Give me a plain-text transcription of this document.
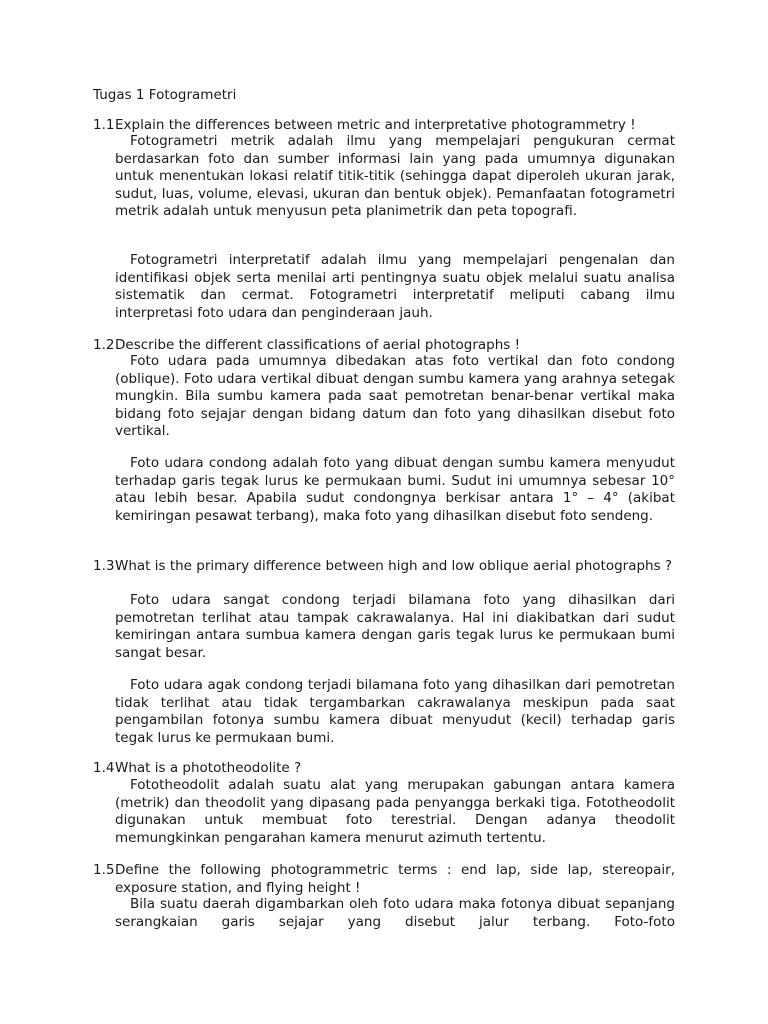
Tugas 1 Fotogrametri
1.1 Explain the differences between metric and interpretative photogrammetry !

Fotogrametri metrik adalah ilmu yang mempelajari pengukuran cermat berdasarkan foto dan sumber informasi lain yang pada umumnya digunakan untuk menentukan lokasi relatif titik-titik (sehingga dapat diperoleh ukuran jarak, sudut, luas, volume, elevasi, ukuran dan bentuk objek). Pemanfaatan fotogrametri metrik adalah untuk menyusun peta planimetrik dan peta topografi.

Fotogrametri interpretatif adalah ilmu yang mempelajari pengenalan dan identifikasi objek serta menilai arti pentingnya suatu objek melalui suatu analisa sistematik dan cermat. Fotogrametri interpretatif meliputi cabang ilmu interpretasi foto udara dan penginderaan jauh.

1.2 Describe the different classifications of aerial photographs !

Foto udara pada umumnya dibedakan atas foto vertikal dan foto condong (oblique). Foto udara vertikal dibuat dengan sumbu kamera yang arahnya setegak mungkin. Bila sumbu kamera pada saat pemotretan benar-benar vertikal maka bidang foto sejajar dengan bidang datum dan foto yang dihasilkan disebut foto vertikal.

Foto udara condong adalah foto yang dibuat dengan sumbu kamera menyudut terhadap garis tegak lurus ke permukaan bumi. Sudut ini umumnya sebesar 10° atau lebih besar. Apabila sudut condongnya berkisar antara 1° – 4° (akibat kemiringan pesawat terbang), maka foto yang dihasilkan disebut foto sendeng.

1.3 What is the primary difference between high and low oblique aerial photographs ?

Foto udara sangat condong terjadi bilamana foto yang dihasilkan dari pemotretan terlihat atau tampak cakrawalanya. Hal ini diakibatkan dari sudut kemiringan antara sumbua kamera dengan garis tegak lurus ke permukaan bumi sangat besar.

Foto udara agak condong terjadi bilamana foto yang dihasilkan dari pemotretan tidak terlihat atau tidak tergambarkan cakrawalanya meskipun pada saat pengambilan fotonya sumbu kamera dibuat menyudut (kecil) terhadap garis tegak lurus ke permukaan bumi.

1.4 What is a phototheodolite ?

Fototheodolit adalah suatu alat yang merupakan gabungan antara kamera (metrik) dan theodolit yang dipasang pada penyangga berkaki tiga. Fototheodolit digunakan untuk membuat foto terestrial. Dengan adanya theodolit memungkinkan pengarahan kamera menurut azimuth tertentu.

1.5 Define the following photogrammetric terms : end lap, side lap, stereopair, exposure station, and flying height !

Bila suatu daerah digambarkan oleh foto udara maka fotonya dibuat sepanjang serangkaian garis sejajar yang disebut jalur terbang. Foto-foto
